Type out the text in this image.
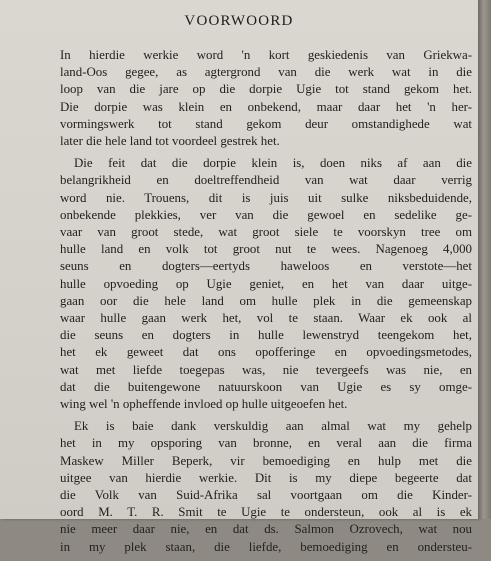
VOORWOORD
In hierdie werkie word 'n kort geskiedenis van Griekwa-
land-Oos gegee, as agtergrond van die werk wat in die
loop van die jare op die dorpie Ugie tot stand gekom het.
Die dorpie was klein en onbekend, maar daar het 'n her-
vormingswerk tot stand gekom deur omstandighede wat
later die hele land tot voordeel gestrek het.
Die feit dat die dorpie klein is, doen niks af aan die
belangrikheid en doeltreffendheid van wat daar verrig
word nie. Trouens, dit is juis uit sulke niksbeduidende,
onbekende plekkies, ver van die gewoel en sedelike ge-
vaar van groot stede, wat groot siele te voorskyn tree om
hulle land en volk tot groot nut te wees. Nagenoeg 4,000
seuns en dogters—eertyds haweloos en verstote—het
hulle opvoeding op Ugie geniet, en het van daar uitge-
gaan oor die hele land om hulle plek in die gemeenskap
waar hulle gaan werk het, vol te staan. Waar ek ook al
die seuns en dogters in hulle lewenstryd teengekom het,
het ek geweet dat ons opofferinge en opvoedingsmetodes,
wat met liefde toegepas was, nie tevergeefs was nie, en
dat die buitengewone natuurskoon van Ugie es sy omge-
wing wel 'n opheffende invloed op hulle uitgeoefen het.
Ek is baie dank verskuldig aan almal wat my gehelp
het in my opsporing van bronne, en veral aan die firma
Maskew Miller Beperk, vir bemoediging en hulp met die
uitgee van hierdie werkie. Dit is my diepe begeerte dat
die Volk van Suid-Afrika sal voortgaan om die Kinder-
oord M. T. R. Smit te Ugie te ondersteun, ook al is ek
nie meer daar nie, en dat ds. Salmon Ozrovech, wat nou
in my plek staan, die liefde, bemoediging en ondersteu-
